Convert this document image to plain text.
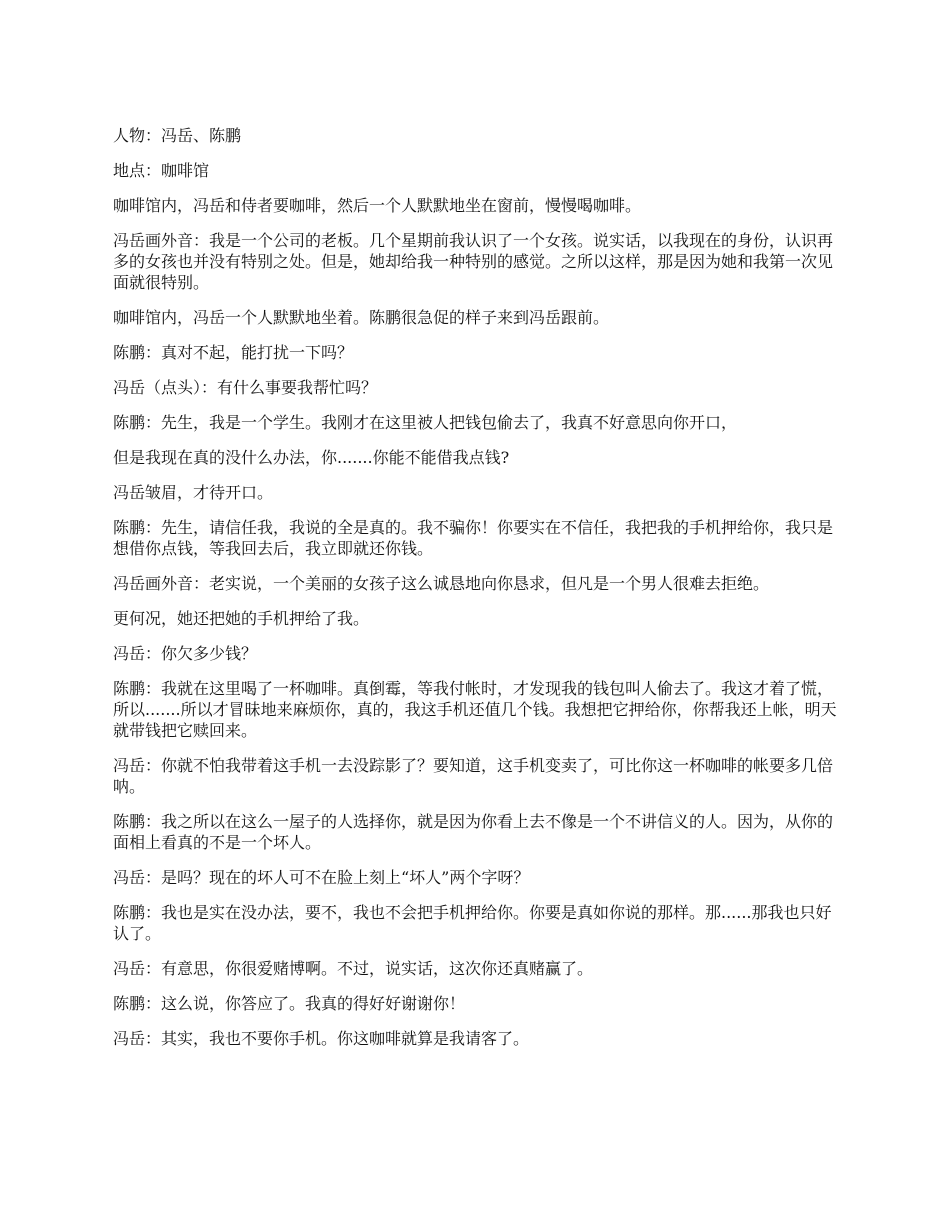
人物：冯岳、陈鹏

地点：咖啡馆

咖啡馆内，冯岳和侍者要咖啡，然后一个人默默地坐在窗前，慢慢喝咖啡。

冯岳画外音：我是一个公司的老板。几个星期前我认识了一个女孩。说实话，以我现在的身份，认识再多的女孩也并没有特别之处。但是，她却给我一种特别的感觉。之所以这样，那是因为她和我第一次见面就很特别。

咖啡馆内，冯岳一个人默默地坐着。陈鹏很急促的样子来到冯岳跟前。

陈鹏：真对不起，能打扰一下吗？

冯岳（点头）：有什么事要我帮忙吗？

陈鹏：先生，我是一个学生。我刚才在这里被人把钱包偷去了，我真不好意思向你开口，

但是我现在真的没什么办法，你.......你能不能借我点钱?

冯岳皱眉，才待开口。

陈鹏：先生，请信任我，我说的全是真的。我不骗你！你要实在不信任，我把我的手机押给你，我只是想借你点钱，等我回去后，我立即就还你钱。

冯岳画外音：老实说，一个美丽的女孩子这么诚恳地向你恳求，但凡是一个男人很难去拒绝。

更何况，她还把她的手机押给了我。

冯岳：你欠多少钱？

陈鹏：我就在这里喝了一杯咖啡。真倒霉，等我付帐时，才发现我的钱包叫人偷去了。我这才着了慌，所以.......所以才冒昧地来麻烦你，真的，我这手机还值几个钱。我想把它押给你，你帮我还上帐，明天就带钱把它赎回来。

冯岳：你就不怕我带着这手机一去没踪影了？要知道，这手机变卖了，可比你这一杯咖啡的帐要多几倍呐。

陈鹏：我之所以在这么一屋子的人选择你，就是因为你看上去不像是一个不讲信义的人。因为，从你的面相上看真的不是一个坏人。

冯岳：是吗？现在的坏人可不在脸上刻上“坏人”两个字呀？

陈鹏：我也是实在没办法，要不，我也不会把手机押给你。你要是真如你说的那样。那......那我也只好认了。

冯岳：有意思，你很爱赌博啊。不过，说实话，这次你还真赌赢了。

陈鹏：这么说，你答应了。我真的得好好谢谢你！

冯岳：其实，我也不要你手机。你这咖啡就算是我请客了。
